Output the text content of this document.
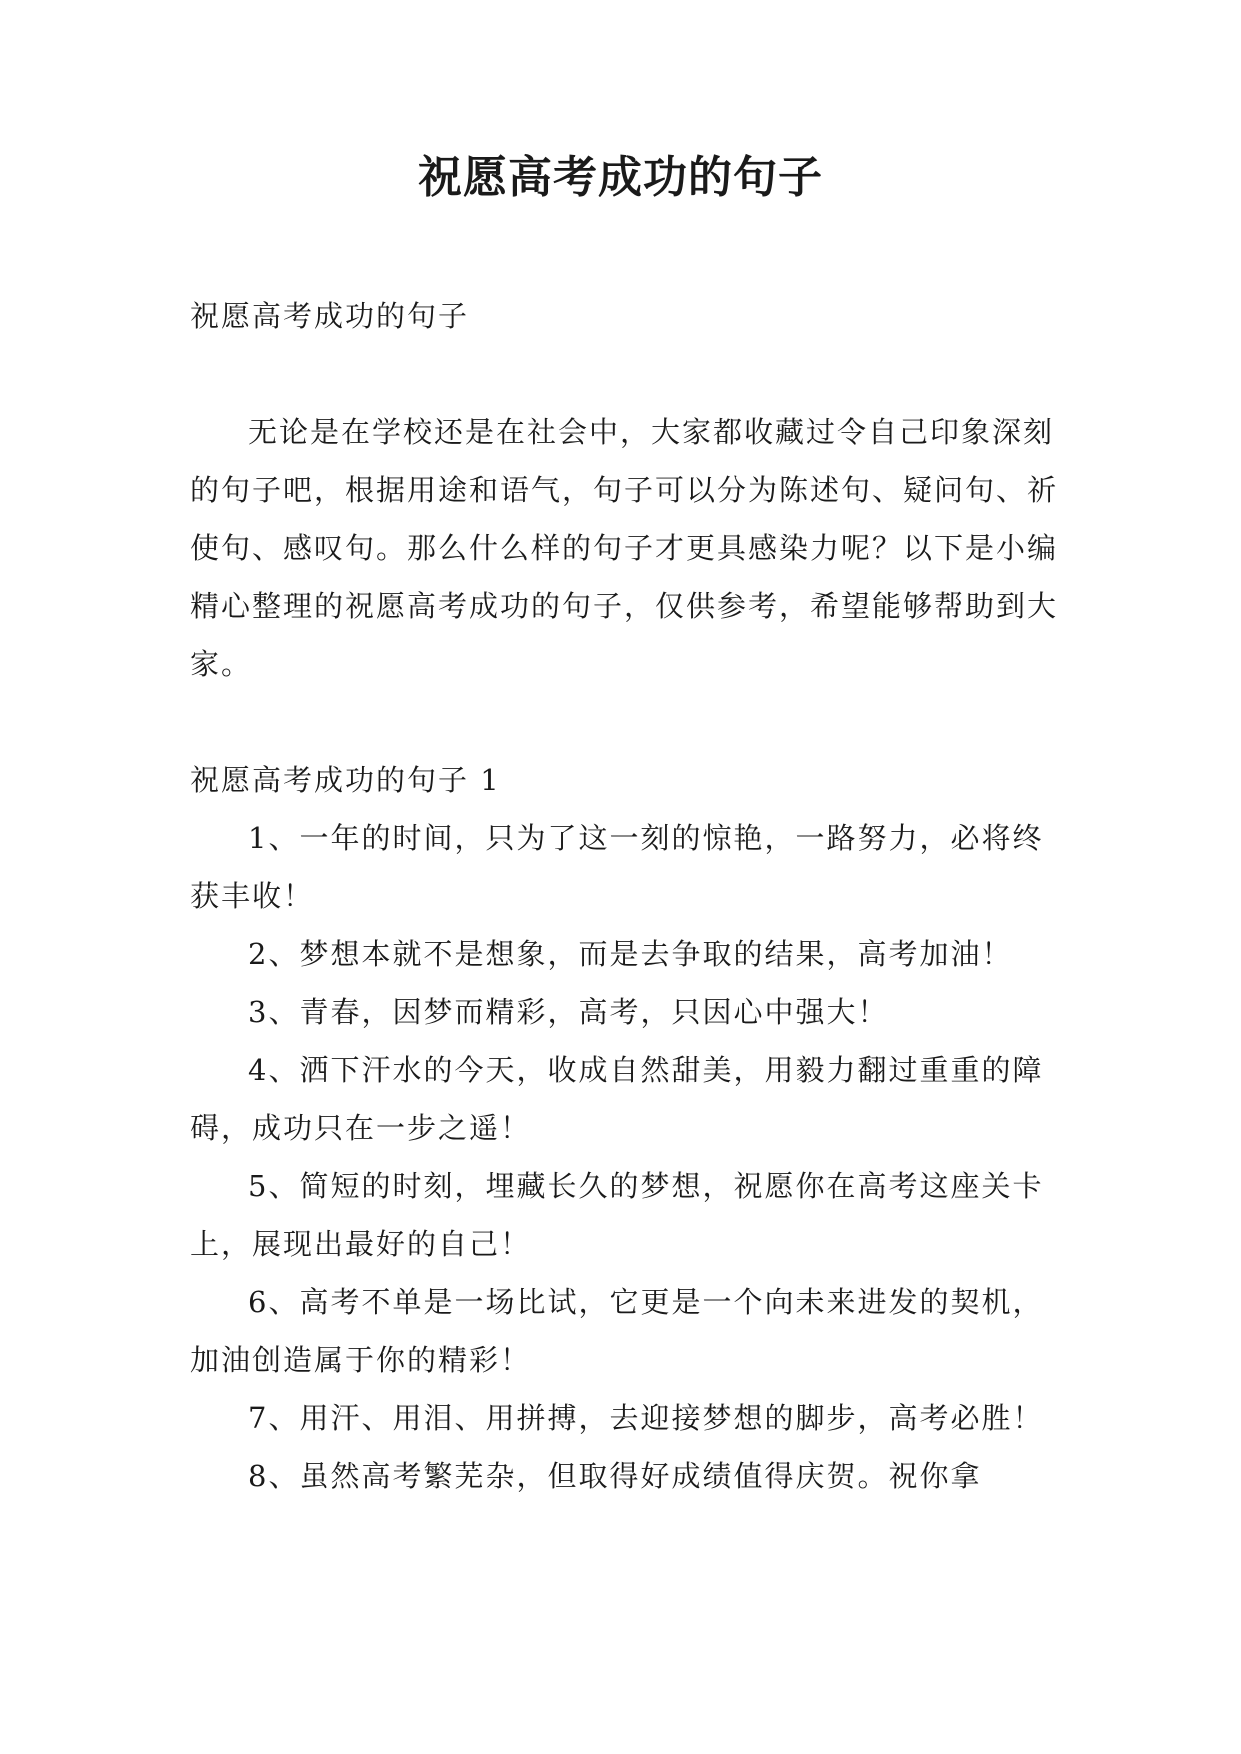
祝愿高考成功的句子

祝愿高考成功的句子

无论是在学校还是在社会中，大家都收藏过令自己印象深刻的句子吧，根据用途和语气，句子可以分为陈述句、疑问句、祈使句、感叹句。那么什么样的句子才更具感染力呢？以下是小编精心整理的祝愿高考成功的句子，仅供参考，希望能够帮助到大家。

祝愿高考成功的句子 1

1、一年的时间，只为了这一刻的惊艳，一路努力，必将终获丰收！

2、梦想本就不是想象，而是去争取的结果，高考加油！

3、青春，因梦而精彩，高考，只因心中强大！

4、洒下汗水的今天，收成自然甜美，用毅力翻过重重的障碍，成功只在一步之遥！

5、简短的时刻，埋藏长久的梦想，祝愿你在高考这座关卡上，展现出最好的自己！

6、高考不单是一场比试，它更是一个向未来进发的契机，加油创造属于你的精彩！

7、用汗、用泪、用拼搏，去迎接梦想的脚步，高考必胜！

8、虽然高考繁芜杂，但取得好成绩值得庆贺。祝你拿
